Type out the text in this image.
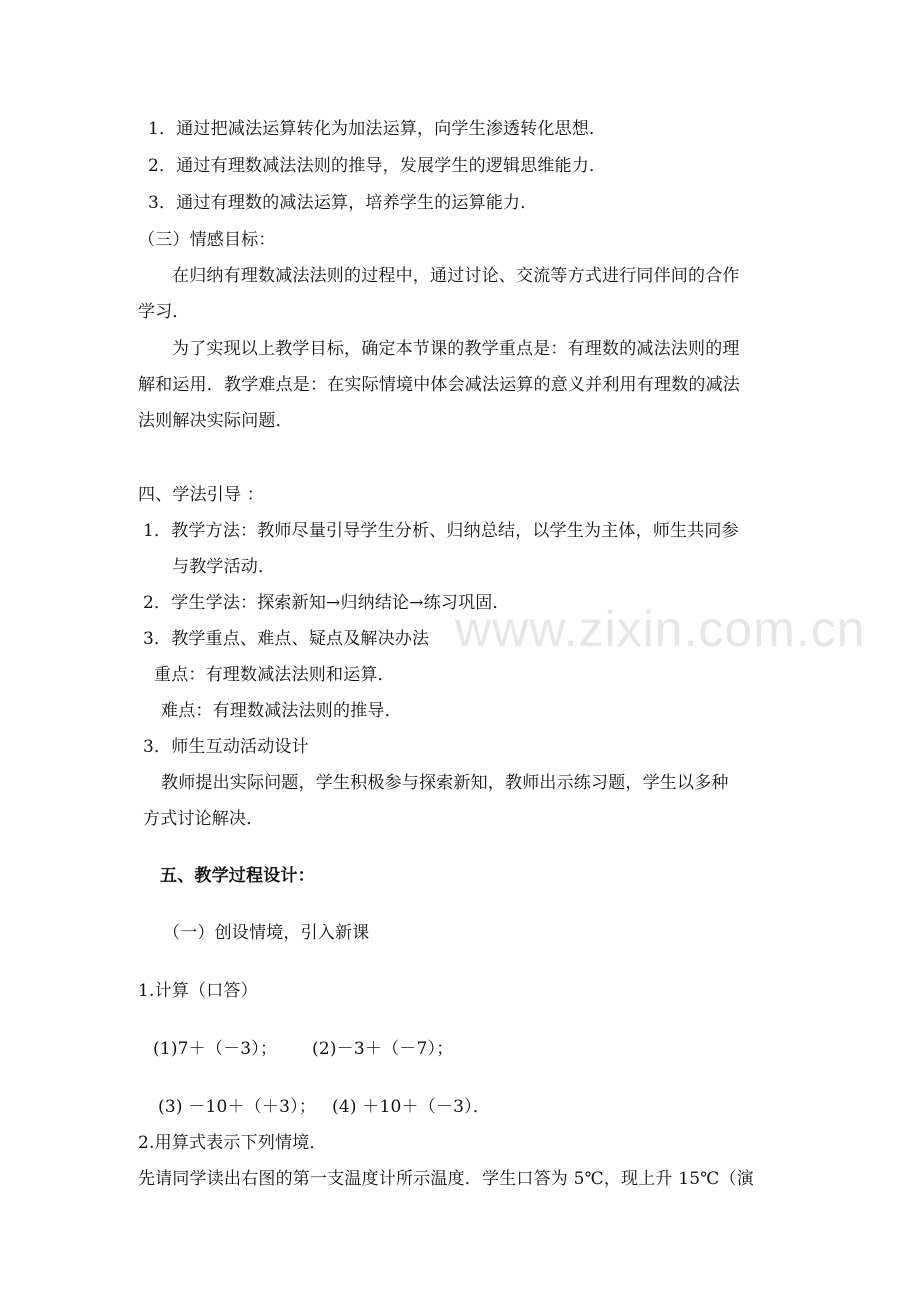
www.zixin.com.cn
1．通过把减法运算转化为加法运算，向学生渗透转化思想．
2．通过有理数减法法则的推导，发展学生的逻辑思维能力．
3．通过有理数的减法运算，培养学生的运算能力．
（三）情感目标：
在归纳有理数减法法则的过程中，通过讨论、交流等方式进行同伴间的合作
学习．
为了实现以上教学目标，确定本节课的教学重点是：有理数的减法法则的理
解和运用．教学难点是：在实际情境中体会减法运算的意义并利用有理数的减法
法则解决实际问题．
四、学法引导 ：
1．教学方法：教师尽量引导学生分析、归纳总结，以学生为主体，师生共同参
与教学活动．
2．学生学法：探索新知→归纳结论→练习巩固．
3．教学重点、难点、疑点及解决办法
重点：有理数减法法则和运算．
难点：有理数减法法则的推导．
3．师生互动活动设计
教师提出实际问题，学生积极参与探索新知，教师出示练习题，学生以多种
方式讨论解决．
五、教学过程设计：
（一）创设情境，引入新课
1.计算（口答）
(1)7＋（－3）； (2)－3＋（－7）；
(3) －10＋（＋3）； (4) ＋10＋（－3）．
2.用算式表示下列情境．
先请同学读出右图的第一支温度计所示温度．学生口答为 5℃，现上升 15℃（演
